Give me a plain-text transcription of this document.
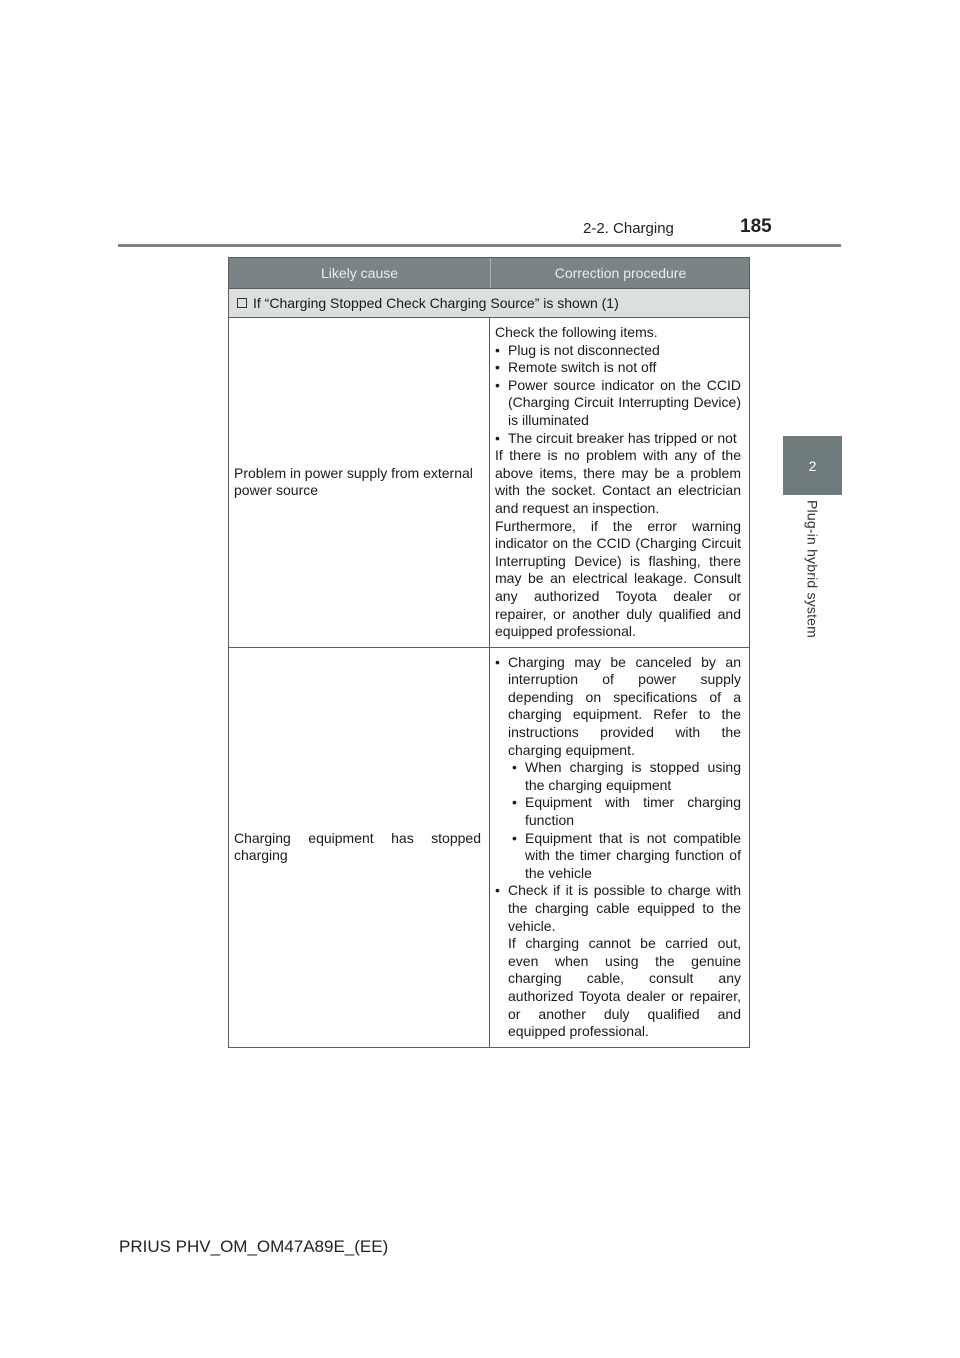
2-2. Charging	185
2
Plug-in hybrid system
Likely cause	Correction procedure
If “Charging Stopped Check Charging Source” is shown (1)
Problem in power supply from external power source
Check the following items.
• Plug is not disconnected
• Remote switch is not off
• Power source indicator on the CCID (Charging Circuit Interrupting Device) is illuminated
• The circuit breaker has tripped or not
If there is no problem with any of the above items, there may be a problem with the socket. Contact an electrician and request an inspection.
Furthermore, if the error warning indicator on the CCID (Charging Circuit Interrupting Device) is flashing, there may be an electrical leakage. Consult any authorized Toyota dealer or repairer, or another duly qualified and equipped professional.
Charging equipment has stopped charging
• Charging may be canceled by an interruption of power supply depending on specifications of a charging equipment. Refer to the instructions provided with the charging equipment.
• When charging is stopped using the charging equipment
• Equipment with timer charging function
• Equipment that is not compatible with the timer charging function of the vehicle
• Check if it is possible to charge with the charging cable equipped to the vehicle.
If charging cannot be carried out, even when using the genuine charging cable, consult any authorized Toyota dealer or repairer, or another duly qualified and equipped professional.
PRIUS PHV_OM_OM47A89E_(EE)
